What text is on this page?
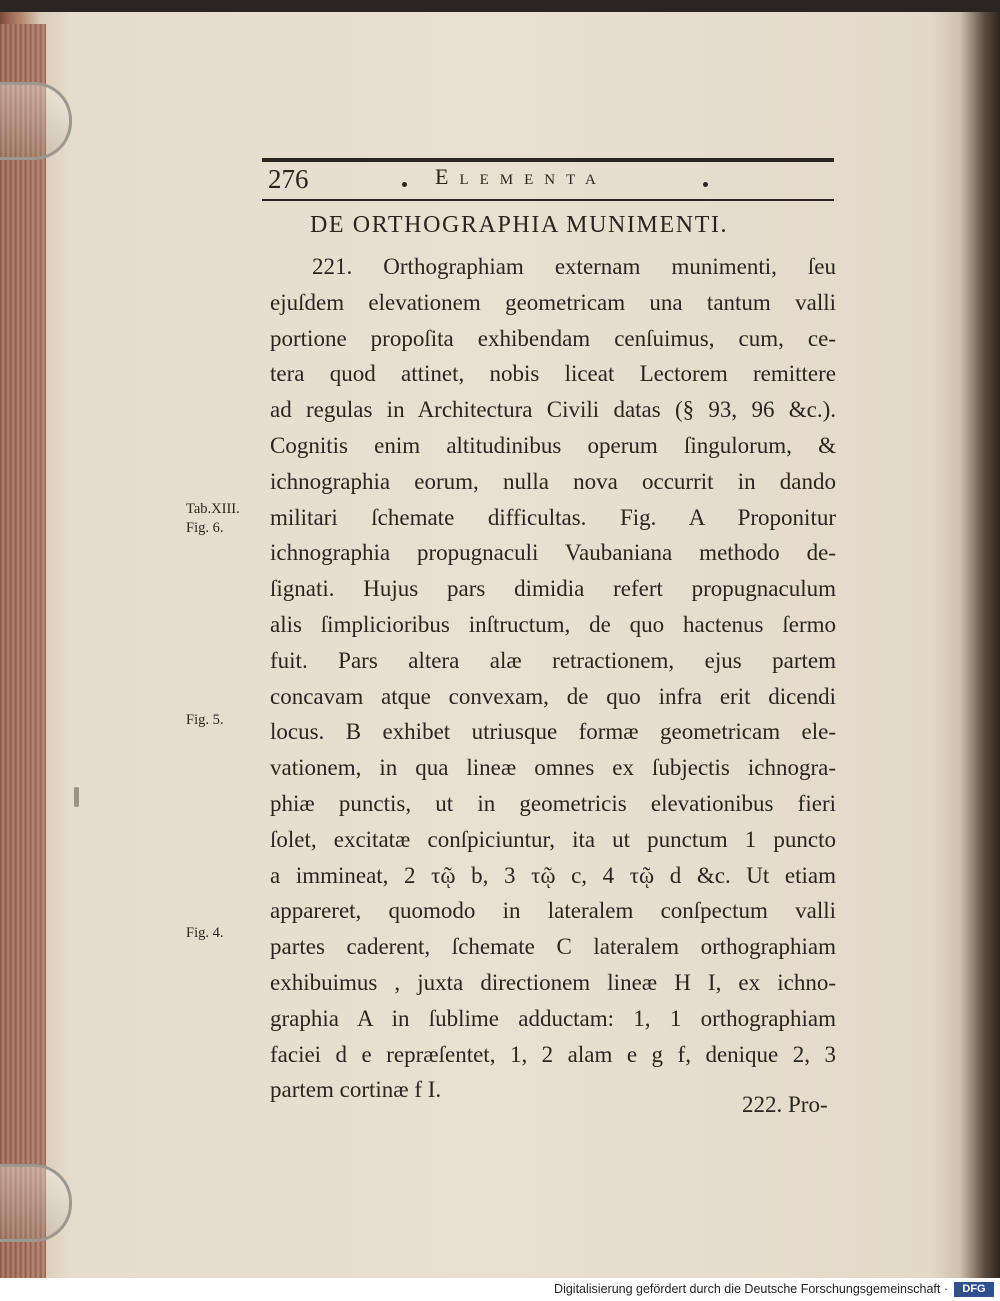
276	Elementa
DE ORTHOGRAPHIA MUNIMENTI.
221. Orthographiam externam munimenti, ſeu
ejuſdem elevationem geometricam una tantum valli
portione propoſita exhibendam cenſuimus, cum, ce-
tera quod attinet, nobis liceat Lectorem remittere
ad regulas in Architectura Civili datas (§ 93, 96 &c.).
Cognitis enim altitudinibus operum ſingulorum, &
ichnographia eorum, nulla nova occurrit in dando
militari ſchemate difficultas. Fig. A Proponitur
ichnographia propugnaculi Vaubaniana methodo de-
ſignati. Hujus pars dimidia refert propugnaculum
alis ſimplicioribus inſtructum, de quo hactenus ſermo
fuit. Pars altera alæ retractionem, ejus partem
concavam atque convexam, de quo infra erit dicendi
locus. B exhibet utriusque formæ geometricam ele-
vationem, in qua lineæ omnes ex ſubjectis ichnogra-
phiæ punctis, ut in geometricis elevationibus fieri
ſolet, excitatæ conſpiciuntur, ita ut punctum 1 puncto
a immineat, 2 τῷ b, 3 τῷ c, 4 τῷ d &c. Ut etiam
appareret, quomodo in lateralem conſpectum valli
partes caderent, ſchemate C lateralem orthographiam
exhibuimus , juxta directionem lineæ H I, ex ichno-
graphia A in ſublime adductam: 1, 1 orthographiam
faciei d e repræſentet, 1, 2 alam e g f, denique 2, 3
partem cortinæ f I.
Tab.XIII.
Fig. 6.
Fig. 5.
Fig. 4.
222. Pro-
Digitalisierung gefördert durch die Deutsche Forschungsgemeinschaft ·	DFG
